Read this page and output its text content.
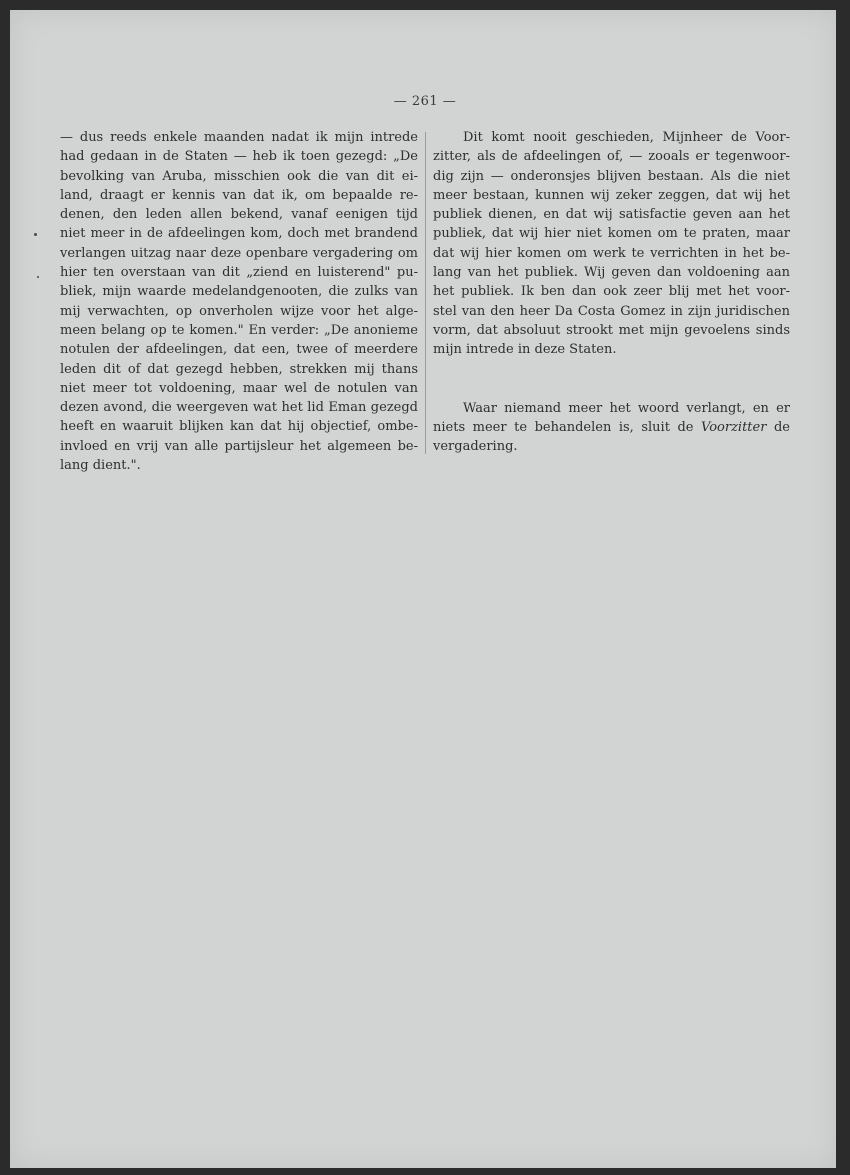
— 261 —
— dus reeds enkele maanden nadat ik mijn intrede
had gedaan in de Staten — heb ik toen gezegd: „De
bevolking van Aruba, misschien ook die van dit ei-
land, draagt er kennis van dat ik, om bepaalde re-
denen, den leden allen bekend, vanaf eenigen tijd
niet meer in de afdeelingen kom, doch met brandend
verlangen uitzag naar deze openbare vergadering om
hier ten overstaan van dit „ziend en luisterend" pu-
bliek, mijn waarde medelandgenooten, die zulks van
mij verwachten, op onverholen wijze voor het alge-
meen belang op te komen." En verder: „De anonieme
notulen der afdeelingen, dat een, twee of meerdere
leden dit of dat gezegd hebben, strekken mij thans
niet meer tot voldoening, maar wel de notulen van
dezen avond, die weergeven wat het lid Eman gezegd
heeft en waaruit blijken kan dat hij objectief, ombe-
invloed en vrij van alle partijsleur het algemeen be-
lang dient.".
Dit komt nooit geschieden, Mijnheer de Voor-
zitter, als de afdeelingen of, — zooals er tegenwoor-
dig zijn — onderonsjes blijven bestaan. Als die niet
meer bestaan, kunnen wij zeker zeggen, dat wij het
publiek dienen, en dat wij satisfactie geven aan het
publiek, dat wij hier niet komen om te praten, maar
dat wij hier komen om werk te verrichten in het be-
lang van het publiek. Wij geven dan voldoening aan
het publiek. Ik ben dan ook zeer blij met het voor-
stel van den heer Da Costa Gomez in zijn juridischen
vorm, dat absoluut strookt met mijn gevoelens sinds
mijn intrede in deze Staten.
Waar niemand meer het woord verlangt, en er
niets meer te behandelen is, sluit de Voorzitter de
vergadering.
